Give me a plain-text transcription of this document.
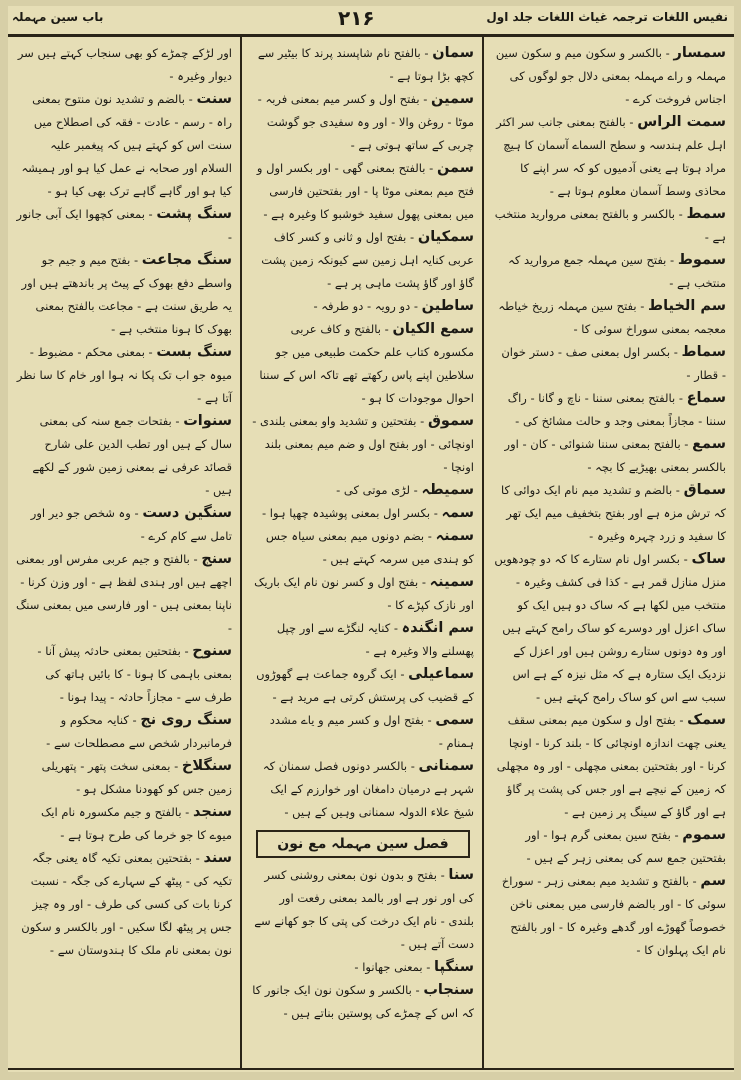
نفیس اللغات ترجمہ غیاث اللغات جلد اول
۲۱۶
باب سین مہملہ

سمسار - بالکسر و سکون میم و سکون سین مہملہ و راے مہملہ بمعنی دلال جو لوگوں کی اجناس فروخت کرے -

سمت الراس - بالفتح بمعنی جانب سر اکثر اہل علم ہندسہ و سطح السماے آسمان کا ہیچ مراد ہوتا ہے یعنی آدمیوں کو کہ سر اپنے کا محاذی وسط آسمان معلوم ہوتا ہے -

سمط - بالکسر و بالفتح بمعنی مروارید منتخب ہے -

سموط - بفتح سین مہملہ جمع مروارید کہ منتخب ہے -

سم الخیاط - بفتح سین مہملہ زریخ خیاطہ معجمہ بمعنی سوراخ سوئی کا -

سماط - بکسر اول بمعنی صف - دستر خوان - قطار -

سماع - بالفتح بمعنی سننا - ناچ و گانا - راگ سننا - مجازاً بمعنی وجد و حالت مشائخ کی -

سمع - بالفتح بمعنی سننا شنوائی - کان - اور بالکسر بمعنی بھیڑیے کا بچہ -

سماق - بالضم و تشدید میم نام ایک دوائی کا کہ ترش مزہ ہے اور بفتح بتخفیف میم ایک تھر کا سفید و زرد چہرہ وغیرہ -

ساک - بکسر اول نام ستارے کا کہ دو چودھویں منزل منازل قمر ہے - کذا فی کشف وغیرہ - منتخب میں لکھا ہے کہ ساک دو ہیں ایک کو ساک اعزل اور دوسرے کو ساک رامح کہتے ہیں اور وہ دونوں ستارے روشن ہیں اور اعزل کے نزدیک ایک ستارہ ہے کہ مثل نیزہ کے ہے اس سبب سے اس کو ساک رامح کہتے ہیں -

سمک - بفتح اول و سکون میم بمعنی سقف یعنی چھت اندازہ اونچائی کا - بلند کرنا - اونچا کرنا - اور بفتحتین بمعنی مچھلی - اور وہ مچھلی کہ زمین کے نیچے ہے اور جس کی پشت پر گاؤ ہے اور گاؤ کے سینگ پر زمین ہے -

سموم - بفتح سین بمعنی گرم ہوا - اور بفتحتین جمع سم کی بمعنی زہر کے ہیں -

سم - بالفتح و تشدید میم بمعنی زہر - سوراخ سوئی کا - اور بالضم فارسی میں بمعنی ناخن خصوصاً گھوڑے اور گدھے وغیرہ کا - اور بالفتح نام ایک پہلوان کا -

سمان - بالفتح نام شاپسند پرند کا بیٹیر سے کچھ بڑا ہوتا ہے -

سمین - بفتح اول و کسر میم بمعنی فربہ - موٹا - روغن والا - اور وہ سفیدی جو گوشت چربی کے ساتھ ہوتی ہے -

سمن - بالفتح بمعنی گھی - اور بکسر اول و فتح میم بمعنی موٹا پا - اور بفتحتین فارسی میں بمعنی پھول سفید خوشبو کا وغیرہ ہے -

سمکیان - بفتح اول و ثانی و کسر کاف عربی کنایہ اہل زمین سے کیونکہ زمین پشت گاؤ اور گاؤ پشت ماہی پر ہے -

ساطین - دو رویہ - دو طرفہ -

سمع الکیان - بالفتح و کاف عربی مکسورہ کتاب علم حکمت طبیعی میں جو سلاطین اپنے پاس رکھتے تھے تاکہ اس کے سننا احوال موجودات کا ہو -

سموق - بفتحتین و تشدید واو بمعنی بلندی - اونچائی - اور بفتح اول و ضم میم بمعنی بلند اونچا -

سمیطہ - لڑی موتی کی -

سمہ - بکسر اول بمعنی پوشیدہ چھپا ہوا -

سمنہ - بضم دونوں میم بمعنی سیاہ جس کو ہندی میں سرمہ کہتے ہیں -

سمینہ - بفتح اول و کسر نون نام ایک باریک اور نازک کپڑے کا -

سم انگندہ - کنایہ لنگڑے سے اور چپل پھسلنے والا وغیرہ ہے -

سماعیلی - ایک گروہ جماعت ہے گھوڑوں کے قضیب کی پرستش کرتی ہے مرید ہے -

سمی - بفتح اول و کسر میم و یاے مشدد ہمنام -

سمنانی - بالکسر دونوں فصل سمنان کہ شہر ہے درمیان دامغان اور خوارزم کے ایک شیخ علاء الدولہ سمنانی وہیں کے ہیں -

فصل سین مہملہ مع نون

سنا - بفتح و بدون نون بمعنی روشنی کسر کی اور نور ہے اور بالمد بمعنی رفعت اور بلندی - نام ایک درخت کی پتی کا جو کھانے سے دست آتے ہیں -

سنگپا - بمعنی جھانوا -

سنجاب - بالکسر و سکون نون ایک جانور کا کہ اس کے چمڑے کی پوستین بناتے ہیں -

اور لڑکے چمڑے کو بھی سنجاب کہتے ہیں سر دیوار وغیرہ -

سنت - بالضم و تشدید نون منتوح بمعنی راہ - رسم - عادت - فقہ کی اصطلاح میں سنت اس کو کہتے ہیں کہ پیغمبر علیہ السلام اور صحابہ نے عمل کیا ہو اور ہمیشہ کیا ہو اور گاہے گاہے ترک بھی کیا ہو -

سنگ پشت - بمعنی کچھوا ایک آبی جانور -

سنگ مجاعت - بفتح میم و جیم جو واسطے دفع بھوک کے پیٹ پر باندھتے ہیں اور یہ طریق سنت ہے - مجاعت بالفتح بمعنی بھوک کا ہونا منتخب ہے -

سنگ بست - بمعنی محکم - مضبوط - میوہ جو اب تک پکا نہ ہوا اور خام کا سا نظر آتا ہے -

سنوات - بفتحات جمع سنہ کی بمعنی سال کے ہیں اور تطب الدین علی شارح قصائد عرفی نے بمعنی زمین شور کے لکھے ہیں -

سنگین دست - وہ شخص جو دیر اور تامل سے کام کرے -

سنج - بالفتح و جیم عربی مفرس اور بمعنی اچھے ہیں اور ہندی لفظ ہے - اور وزن کرنا - ناپنا بمعنی ہیں - اور فارسی میں بمعنی سنگ -

سنوح - بفتحتین بمعنی حادثہ پیش آنا - بمعنی باہمی کا ہونا - کا بائیں ہاتھ کی طرف سے - مجازاً حادثہ - پیدا ہونا -

سنگ روی نج - کنایہ محکوم و فرمانبردار شخص سے مصطلحات سے -

سنگلاخ - بمعنی سخت پتھر - پتھریلی زمین جس کو کھودنا مشکل ہو -

سنجد - بالفتح و جیم مکسورہ نام ایک میوے کا جو خرما کی طرح ہوتا ہے -

سند - بفتحتین بمعنی تکیہ گاہ یعنی جگہ تکیہ کی - پیٹھ کے سہارے کی جگہ - نسبت کرنا بات کی کسی کی طرف - اور وہ چیز جس پر پیٹھ لگا سکیں - اور بالکسر و سکون نون بمعنی نام ملک کا ہندوستان سے -
